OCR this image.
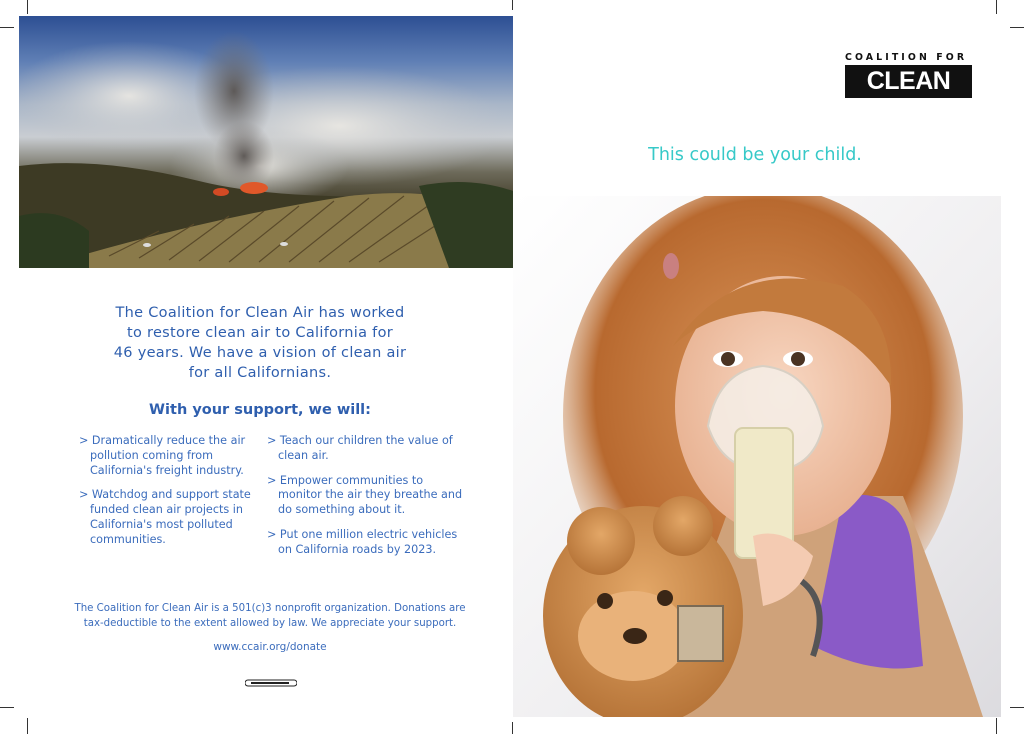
The Coalition for Clean Air has worked
to restore clean air to California for
46 years. We have a vision of clean air
for all Californians.
With your support, we will:
> Dramatically reduce the air pollution coming from California's freight industry.
> Watchdog and support state funded clean air projects in California's most polluted communities.
> Teach our children the value of clean air.
> Empower communities to monitor the air they breathe and do something about it.
> Put one million electric vehicles on California roads by 2023.
The Coalition for Clean Air is a 501(c)3 nonprofit organization. Donations are
tax-deductible to the extent allowed by law. We appreciate your support.
www.ccair.org/donate
COALITION FOR
CLEAN AIR
This could be your child.
